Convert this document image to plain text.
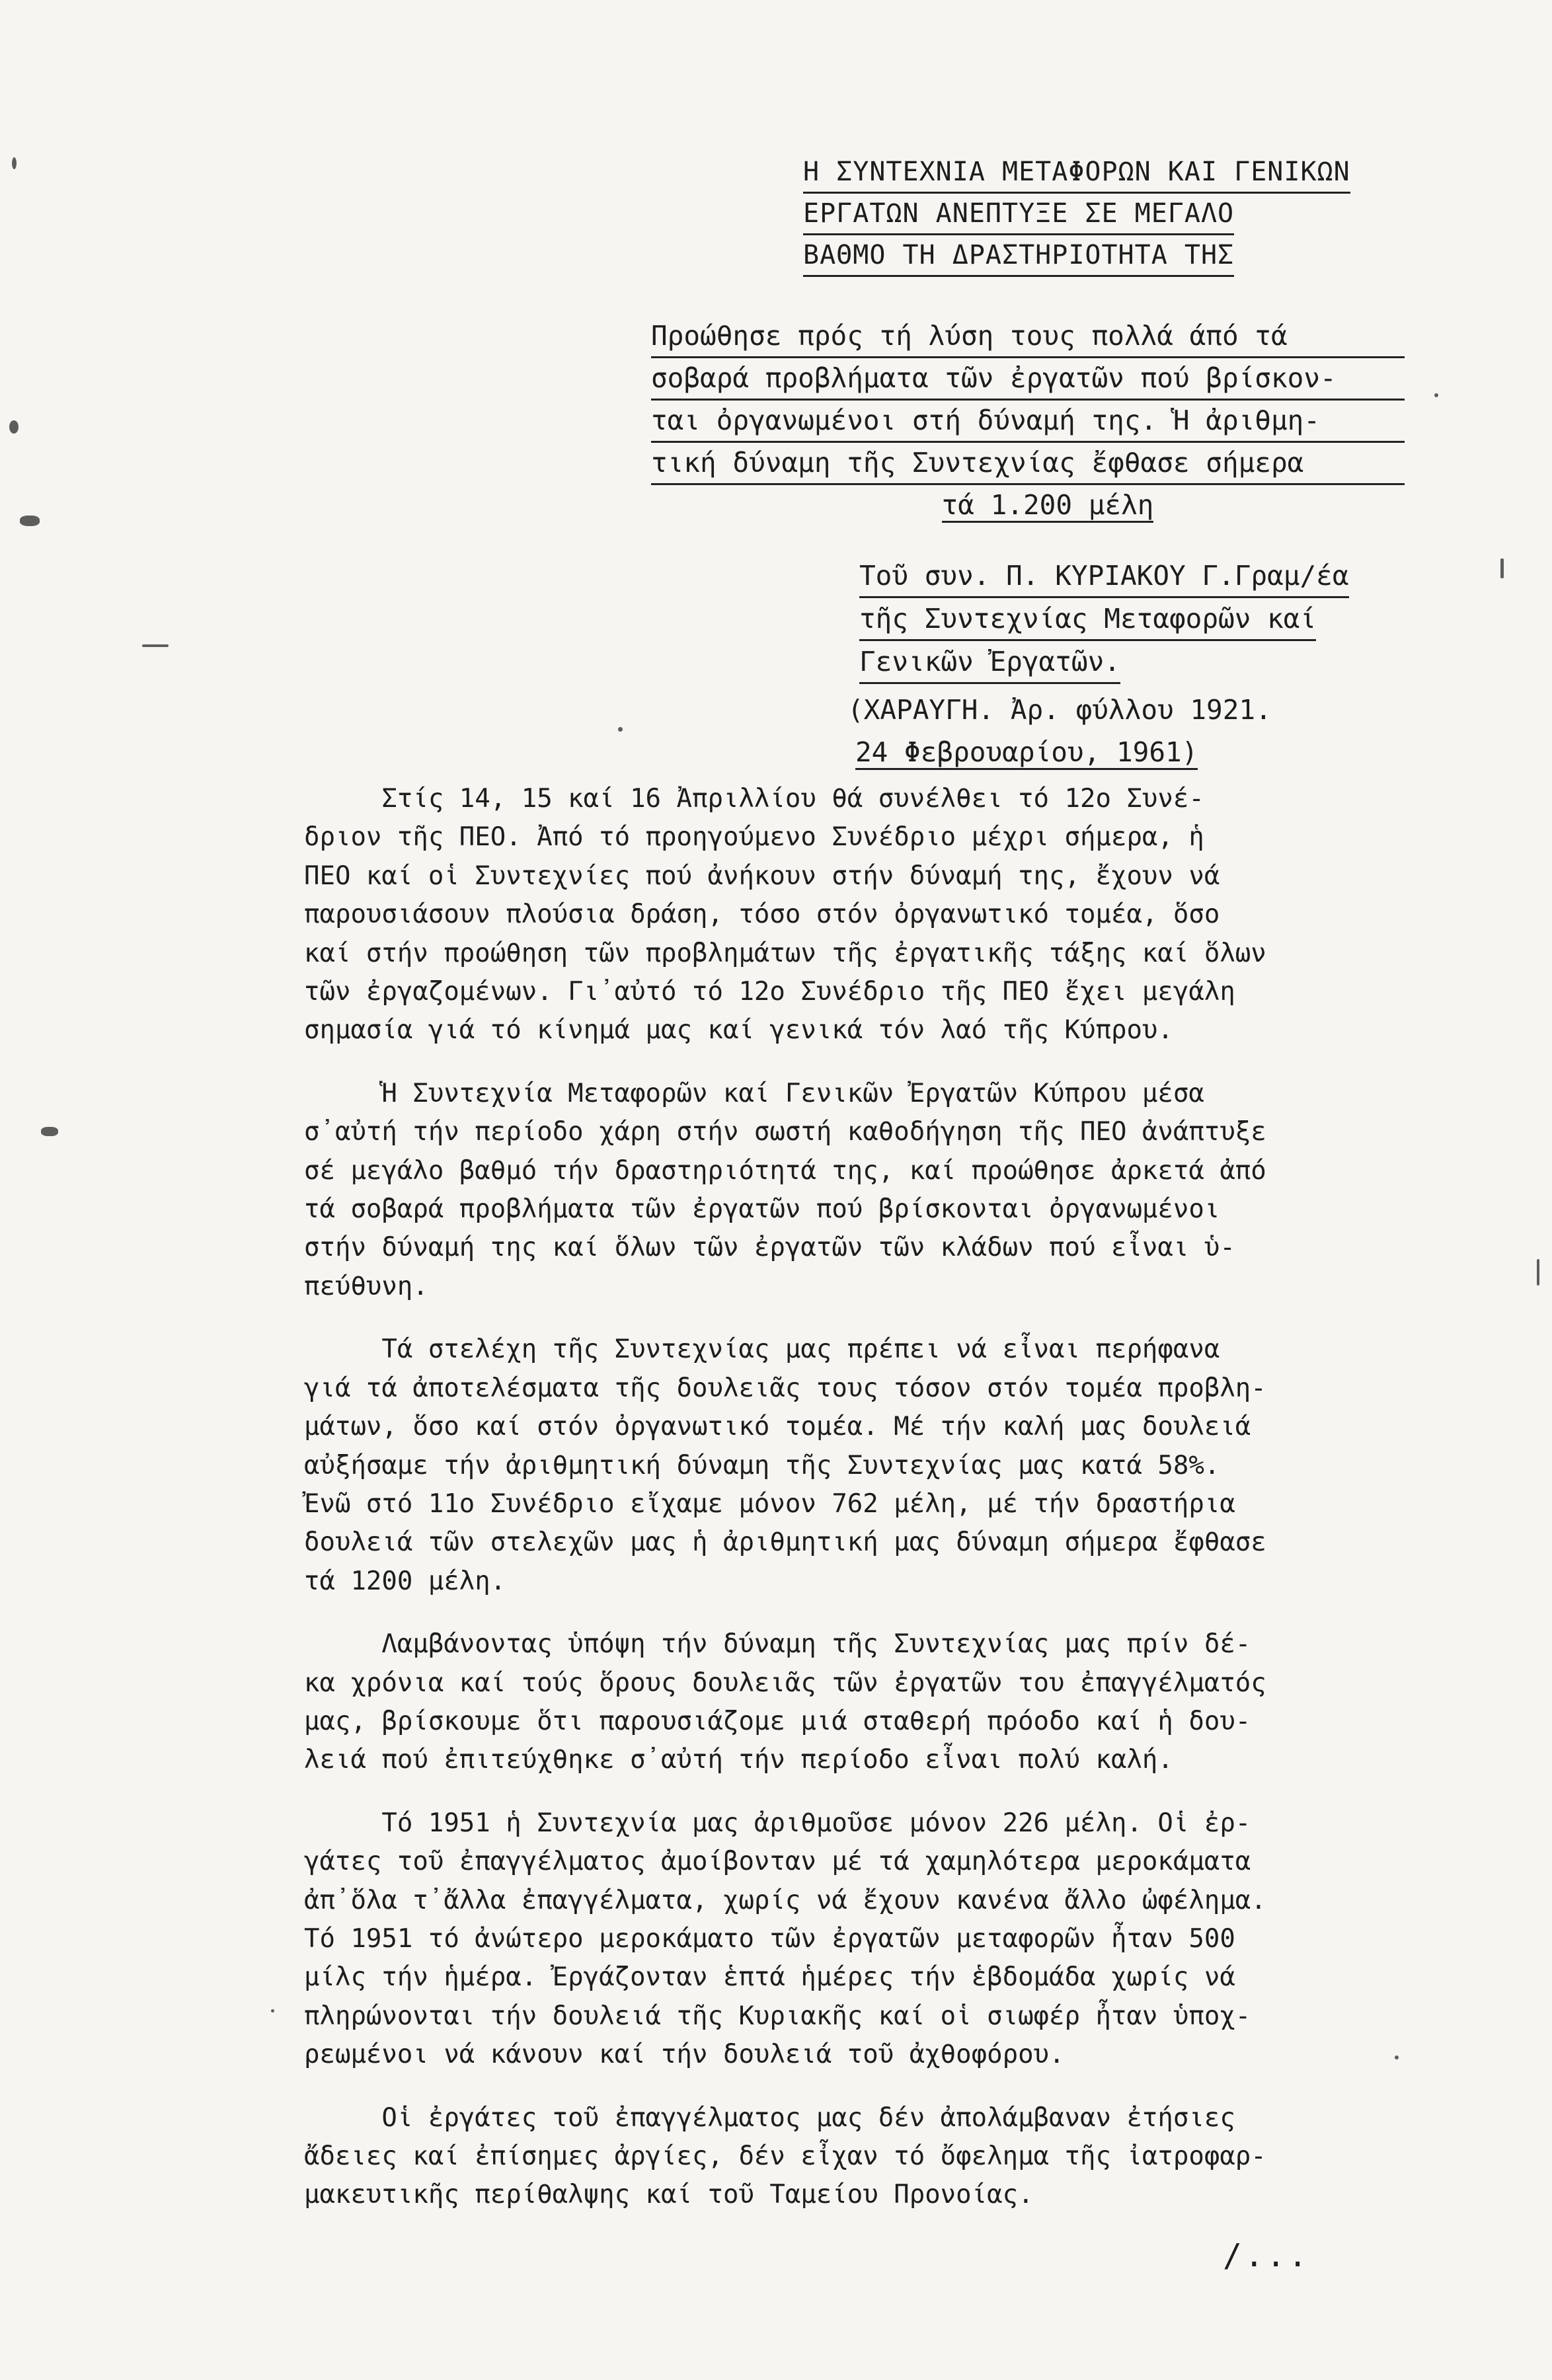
Η ΣΥΝΤΕΧΝΙΑ ΜΕΤΑΦΟΡΩΝ ΚΑΙ ΓΕΝΙΚΩΝ
ΕΡΓΑΤΩΝ ΑΝΕΠΤΥΞΕ ΣΕ ΜΕΓΑΛΟ
ΒΑΘΜΟ ΤΗ ΔΡΑΣΤΗΡΙΟΤΗΤΑ ΤΗΣ
Προώθησε πρός τή λύση τους πολλά άπό τά
σοβαρά προβλήματα τῶν ἐργατῶν πού βρίσκον-
ται ὀργανωμένοι στή δύναμή της. Ἡ ἀριθμη-
τική δύναμη τῆς Συντεχνίας ἔφθασε σήμερα
τά 1.200 μέλη
Τοῦ συν. Π. ΚΥΡΙΑΚΟΥ Γ.Γραμ/έα
τῆς Συντεχνίας Μεταφορῶν καί
Γενικῶν Ἐργατῶν.
(ΧΑΡΑΥΓΗ. Ἀρ. φύλλου 1921.
24 Φεβρουαρίου, 1961)

Στίς 14, 15 καί 16 Ἀπριλλίου θά συνέλθει τό 12ο Συνέ-
δριον τῆς ΠΕΟ. Ἀπό τό προηγούμενο Συνέδριο μέχρι σήμερα, ἡ
ΠΕΟ καί οἱ Συντεχνίες πού ἀνήκουν στήν δύναμή της, ἔχουν νά
παρουσιάσουν πλούσια δράση, τόσο στόν ὀργανωτικό τομέα, ὅσο
καί στήν προώθηση τῶν προβλημάτων τῆς ἐργατικῆς τάξης καί ὅλων
τῶν ἐργαζομένων. Γι᾽αὐτό τό 12ο Συνέδριο τῆς ΠΕΟ ἔχει μεγάλη
σημασία γιά τό κίνημά μας καί γενικά τόν λαό τῆς Κύπρου.

Ἡ Συντεχνία Μεταφορῶν καί Γενικῶν Ἐργατῶν Κύπρου μέσα
σ᾽αὐτή τήν περίοδο χάρη στήν σωστή καθοδήγηση τῆς ΠΕΟ ἀνάπτυξε
σέ μεγάλο βαθμό τήν δραστηριότητά της, καί προώθησε ἀρκετά ἀπό
τά σοβαρά προβλήματα τῶν ἐργατῶν πού βρίσκονται ὀργανωμένοι
στήν δύναμή της καί ὅλων τῶν ἐργατῶν τῶν κλάδων πού εἶναι ὑ-
πεύθυνη.

Τά στελέχη τῆς Συντεχνίας μας πρέπει νά εἶναι περήφανα
γιά τά ἀποτελέσματα τῆς δουλειᾶς τους τόσον στόν τομέα προβλη-
μάτων, ὅσο καί στόν ὀργανωτικό τομέα. Μέ τήν καλή μας δουλειά
αὐξήσαμε τήν ἀριθμητική δύναμη τῆς Συντεχνίας μας κατά 58%.
Ἐνῶ στό 11ο Συνέδριο εἴχαμε μόνον 762 μέλη, μέ τήν δραστήρια
δουλειά τῶν στελεχῶν μας ἡ ἀριθμητική μας δύναμη σήμερα ἔφθασε
τά 1200 μέλη.

Λαμβάνοντας ὑπόψη τήν δύναμη τῆς Συντεχνίας μας πρίν δέ-
κα χρόνια καί τούς ὅρους δουλειᾶς τῶν ἐργατῶν του ἐπαγγέλματός
μας, βρίσκουμε ὅτι παρουσιάζομε μιά σταθερή πρόοδο καί ἡ δου-
λειά πού ἐπιτεύχθηκε σ᾽αὐτή τήν περίοδο εἶναι πολύ καλή.

Τό 1951 ἡ Συντεχνία μας ἀριθμοῦσε μόνον 226 μέλη. Οἱ ἐρ-
γάτες τοῦ ἐπαγγέλματος ἀμοίβονταν μέ τά χαμηλότερα μεροκάματα
ἀπ᾽ὅλα τ᾽ἄλλα ἐπαγγέλματα, χωρίς νά ἔχουν κανένα ἄλλο ὠφέλημα.
Τό 1951 τό ἀνώτερο μεροκάματο τῶν ἐργατῶν μεταφορῶν ἦταν 500
μίλς τήν ἡμέρα. Ἐργάζονταν ἑπτά ἡμέρες τήν ἑβδομάδα χωρίς νά
πληρώνονται τήν δουλειά τῆς Κυριακῆς καί οἱ σιωφέρ ἦταν ὑποχ-
ρεωμένοι νά κάνουν καί τήν δουλειά τοῦ ἀχθοφόρου.

Οἱ ἐργάτες τοῦ ἐπαγγέλματος μας δέν ἀπολάμβαναν ἐτήσιες
ἄδειες καί ἐπίσημες ἀργίες, δέν εἶχαν τό ὄφελημα τῆς ἰατροφαρ-
μακευτικῆς περίθαλψης καί τοῦ Ταμείου Προνοίας.

/...
